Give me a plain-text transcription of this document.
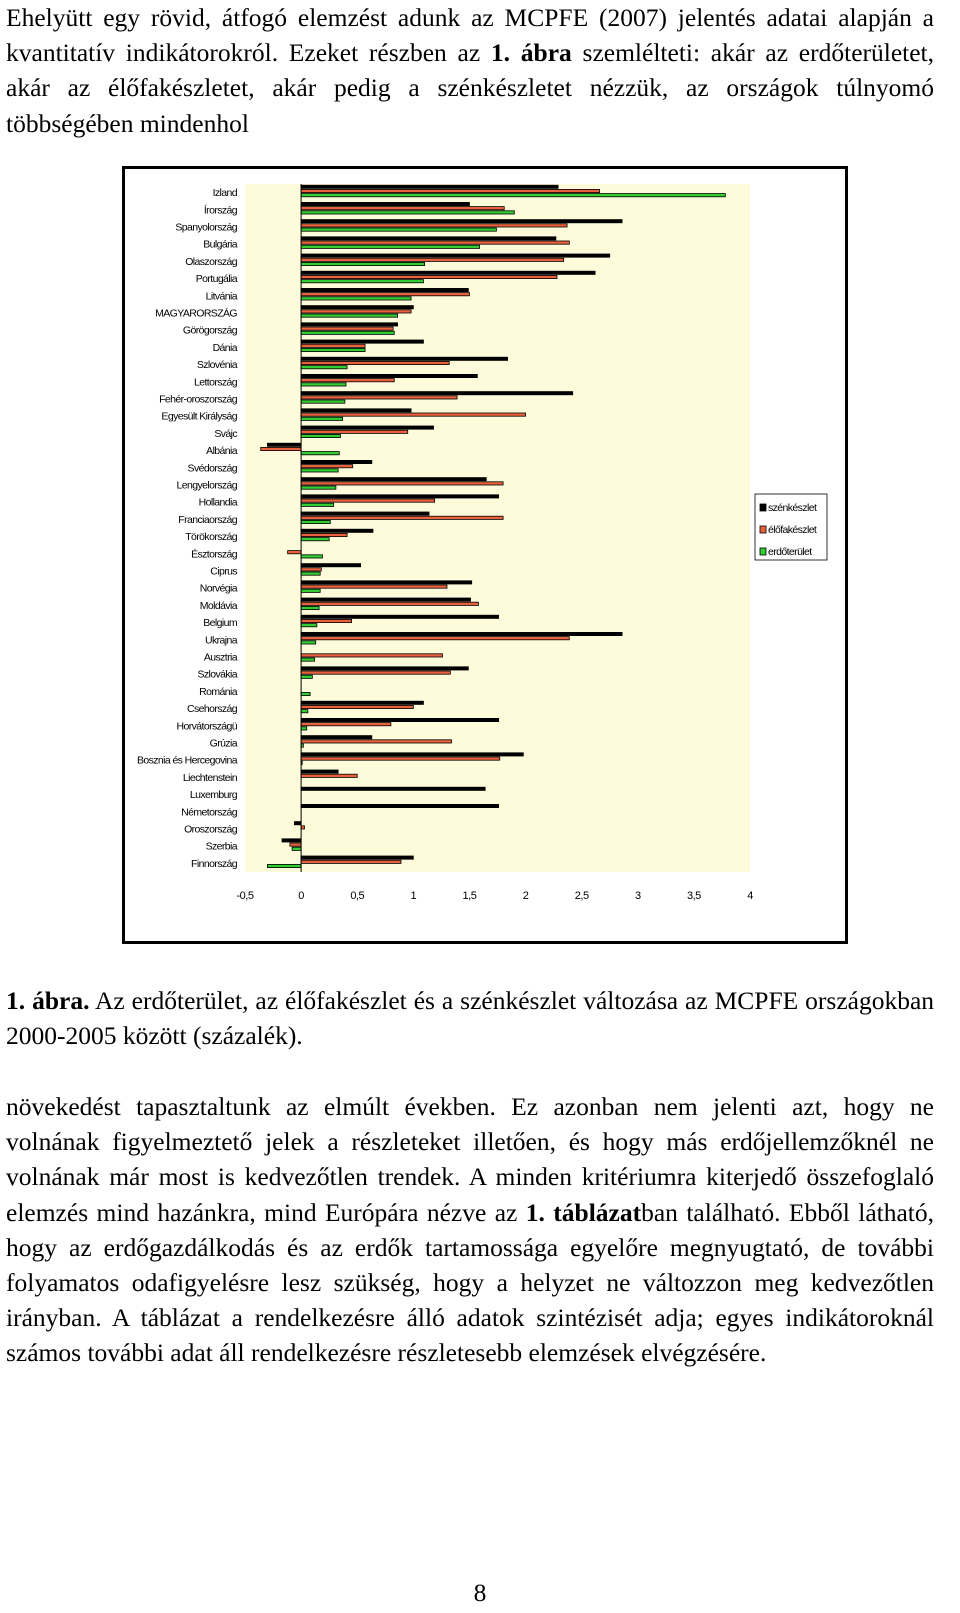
Ehelyütt egy rövid, átfogó elemzést adunk az MCPFE (2007) jelentés adatai alapján a kvantitatív indikátorokról. Ezeket részben az 1. ábra szemlélteti: akár az erdőterületet, akár az élőfakészletet, akár pedig a szénkészletet nézzük, az országok túlnyomó többségében mindenhol

Izland
Írország
Spanyolország
Bulgária
Olaszország
Portugália
Litvánia
MAGYARORSZÁG
Görögország
Dánia
Szlovénia
Lettország
Fehér-oroszország
Egyesült Királyság
Svájc
Albánia
Svédország
Lengyelország
Hollandia
Franciaország
Törökország
Észtország
Ciprus
Norvégia
Moldávia
Belgium
Ukrajna
Ausztria
Szlovákia
Románia
Csehország
Horvátországü
Grúzia
Bosznia és Hercegovina
Liechtenstein
Luxemburg
Németország
Oroszország
Szerbia
Finnország
-0,5	0	0,5	1	1,5	2	2,5	3	3,5	4
szénkészlet
élőfakészlet
erdőterület

1. ábra. Az erdőterület, az élőfakészlet és a szénkészlet változása az MCPFE országokban 2000-2005 között (százalék).

növekedést tapasztaltunk az elmúlt években. Ez azonban nem jelenti azt, hogy ne volnának figyelmeztető jelek a részleteket illetően, és hogy más erdőjellemzőknél ne volnának már most is kedvezőtlen trendek. A minden kritériumra kiterjedő összefoglaló elemzés mind hazánkra, mind Európára nézve az 1. táblázatban található. Ebből látható, hogy az erdőgazdálkodás és az erdők tartamossága egyelőre megnyugtató, de további folyamatos odafigyelésre lesz szükség, hogy a helyzet ne változzon meg kedvezőtlen irányban. A táblázat a rendelkezésre álló adatok szintézisét adja; egyes indikátoroknál számos további adat áll rendelkezésre részletesebb elemzések elvégzésére.

8
